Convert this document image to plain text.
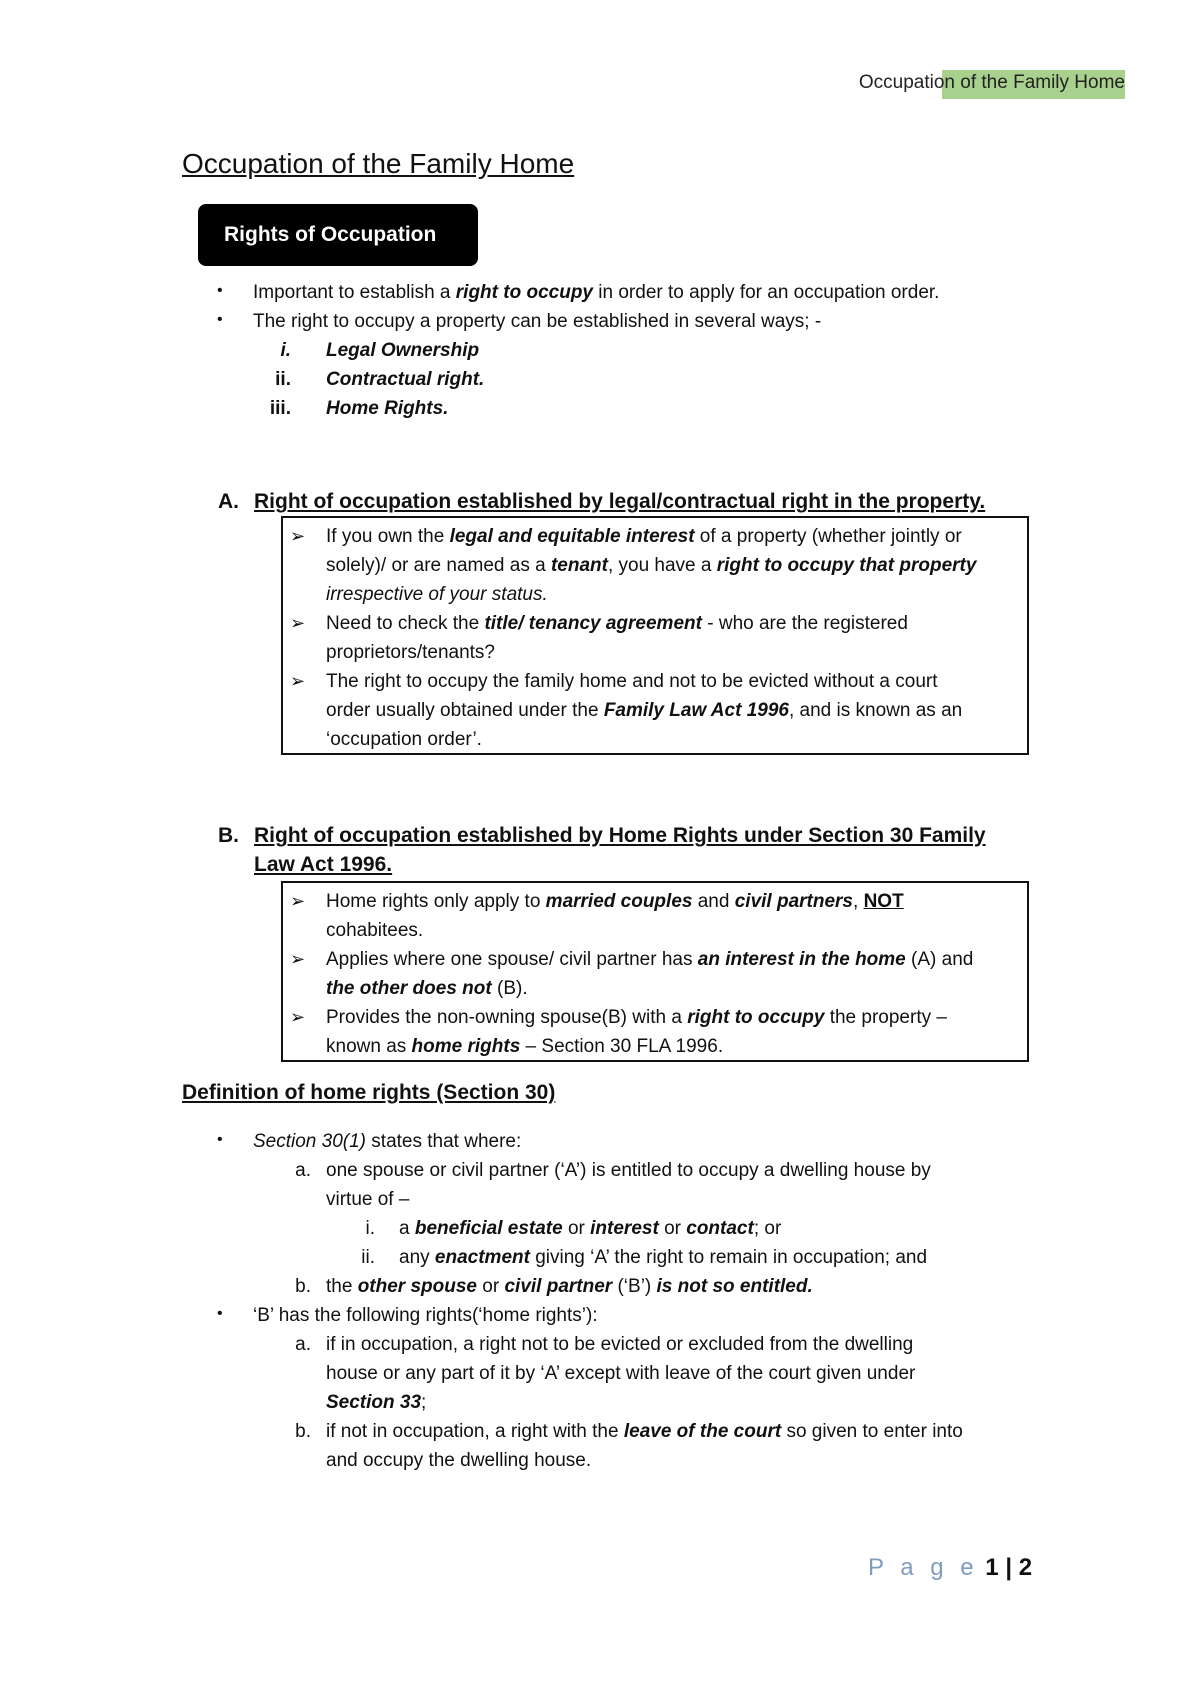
Occupation of the Family Home
Occupation of the Family Home
Rights of Occupation
• Important to establish a right to occupy in order to apply for an occupation order.
• The right to occupy a property can be established in several ways; -
i. Legal Ownership
ii. Contractual right.
iii. Home Rights.
A. Right of occupation established by legal/contractual right in the property.
➢ If you own the legal and equitable interest of a property (whether jointly or
solely)/ or are named as a tenant, you have a right to occupy that property
irrespective of your status.
➢ Need to check the title/ tenancy agreement - who are the registered
proprietors/tenants?
➢ The right to occupy the family home and not to be evicted without a court
order usually obtained under the Family Law Act 1996, and is known as an
‘occupation order’.
B. Right of occupation established by Home Rights under Section 30 Family
Law Act 1996.
➢ Home rights only apply to married couples and civil partners, NOT
cohabitees.
➢ Applies where one spouse/ civil partner has an interest in the home (A) and
the other does not (B).
➢ Provides the non-owning spouse(B) with a right to occupy the property –
known as home rights – Section 30 FLA 1996.
Definition of home rights (Section 30)
• Section 30(1) states that where:
a. one spouse or civil partner (‘A’) is entitled to occupy a dwelling house by
virtue of –
i. a beneficial estate or interest or contact; or
ii. any enactment giving ‘A’ the right to remain in occupation; and
b. the other spouse or civil partner (‘B’) is not so entitled.
• ‘B’ has the following rights(‘home rights’):
a. if in occupation, a right not to be evicted or excluded from the dwelling
house or any part of it by ‘A’ except with leave of the court given under
Section 33;
b. if not in occupation, a right with the leave of the court so given to enter into
and occupy the dwelling house.
P a g e 1 | 2
